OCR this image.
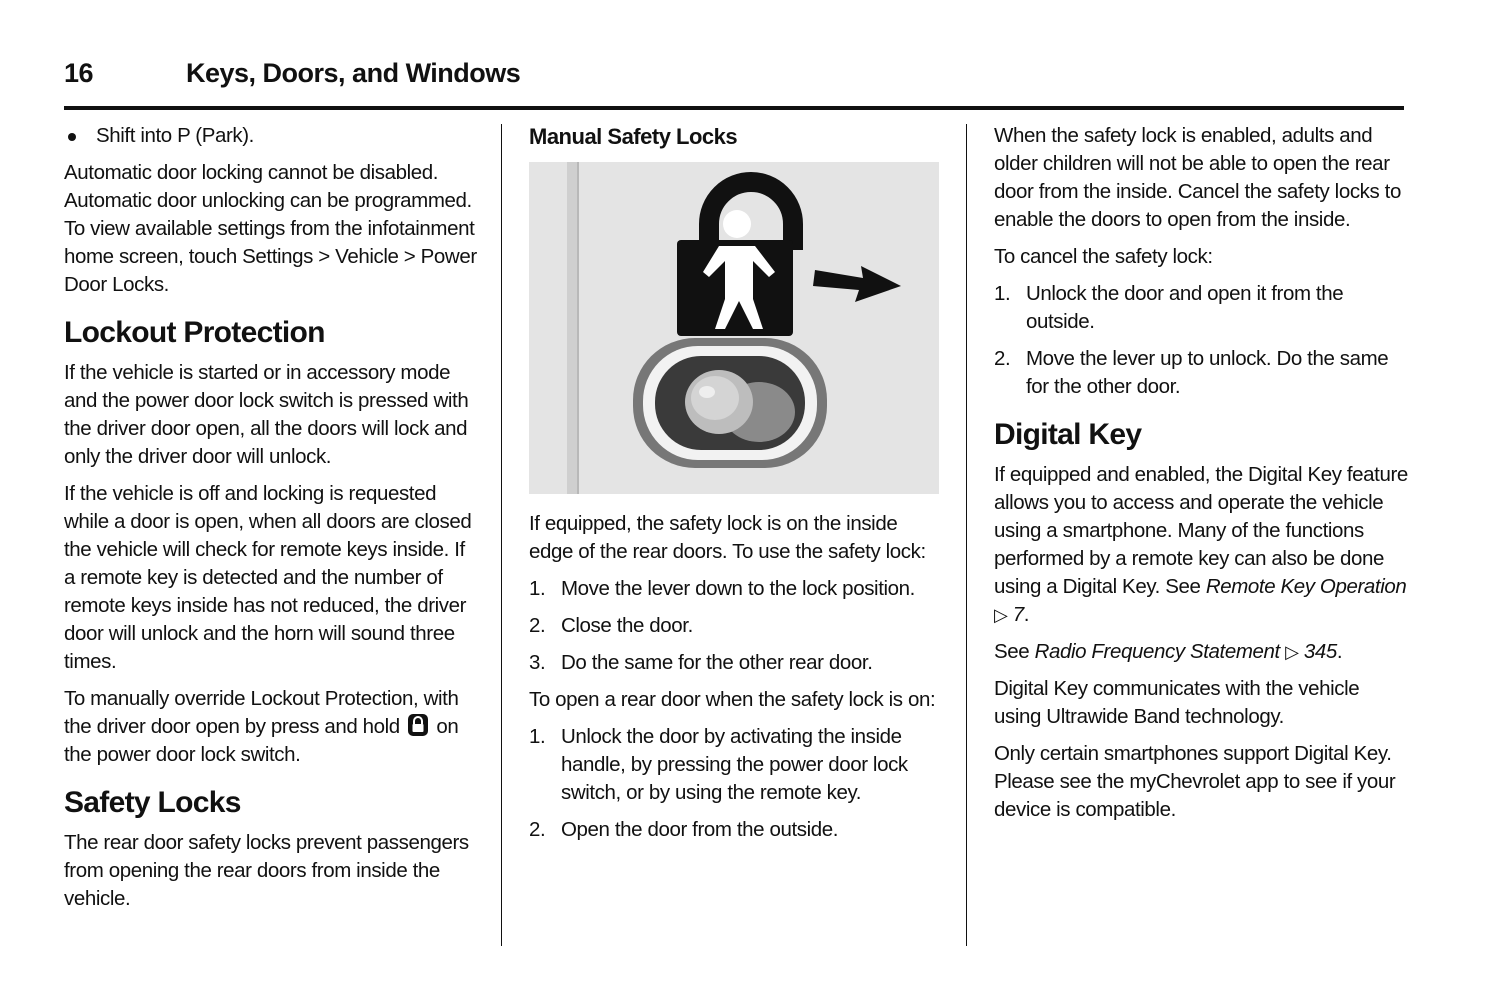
16	Keys, Doors, and Windows
Shift into P (Park).

Automatic door locking cannot be disabled. Automatic door unlocking can be programmed. To view available settings from the infotainment home screen, touch Settings > Vehicle > Power Door Locks.

Lockout Protection

If the vehicle is started or in accessory mode and the power door lock switch is pressed with the driver door open, all the doors will lock and only the driver door will unlock.

If the vehicle is off and locking is requested while a door is open, when all doors are closed the vehicle will check for remote keys inside. If a remote key is detected and the number of remote keys inside has not reduced, the driver door will unlock and the horn will sound three times.

To manually override Lockout Protection, with the driver door open by press and hold on the power door lock switch.

Safety Locks

The rear door safety locks prevent passengers from opening the rear doors from inside the vehicle.

Manual Safety Locks

If equipped, the safety lock is on the inside edge of the rear doors. To use the safety lock:

1. Move the lever down to the lock position.
2. Close the door.
3. Do the same for the other rear door.

To open a rear door when the safety lock is on:

1. Unlock the door by activating the inside handle, by pressing the power door lock switch, or by using the remote key.
2. Open the door from the outside.

When the safety lock is enabled, adults and older children will not be able to open the rear door from the inside. Cancel the safety locks to enable the doors to open from the inside.

To cancel the safety lock:

1. Unlock the door and open it from the outside.
2. Move the lever up to unlock. Do the same for the other door.
Digital Key

If equipped and enabled, the Digital Key feature allows you to access and operate the vehicle using a smartphone. Many of the functions performed by a remote key can also be done using a Digital Key. See Remote Key Operation ▷ 7.

See Radio Frequency Statement ▷ 345.

Digital Key communicates with the vehicle using Ultrawide Band technology.

Only certain smartphones support Digital Key. Please see the myChevrolet app to see if your device is compatible.
